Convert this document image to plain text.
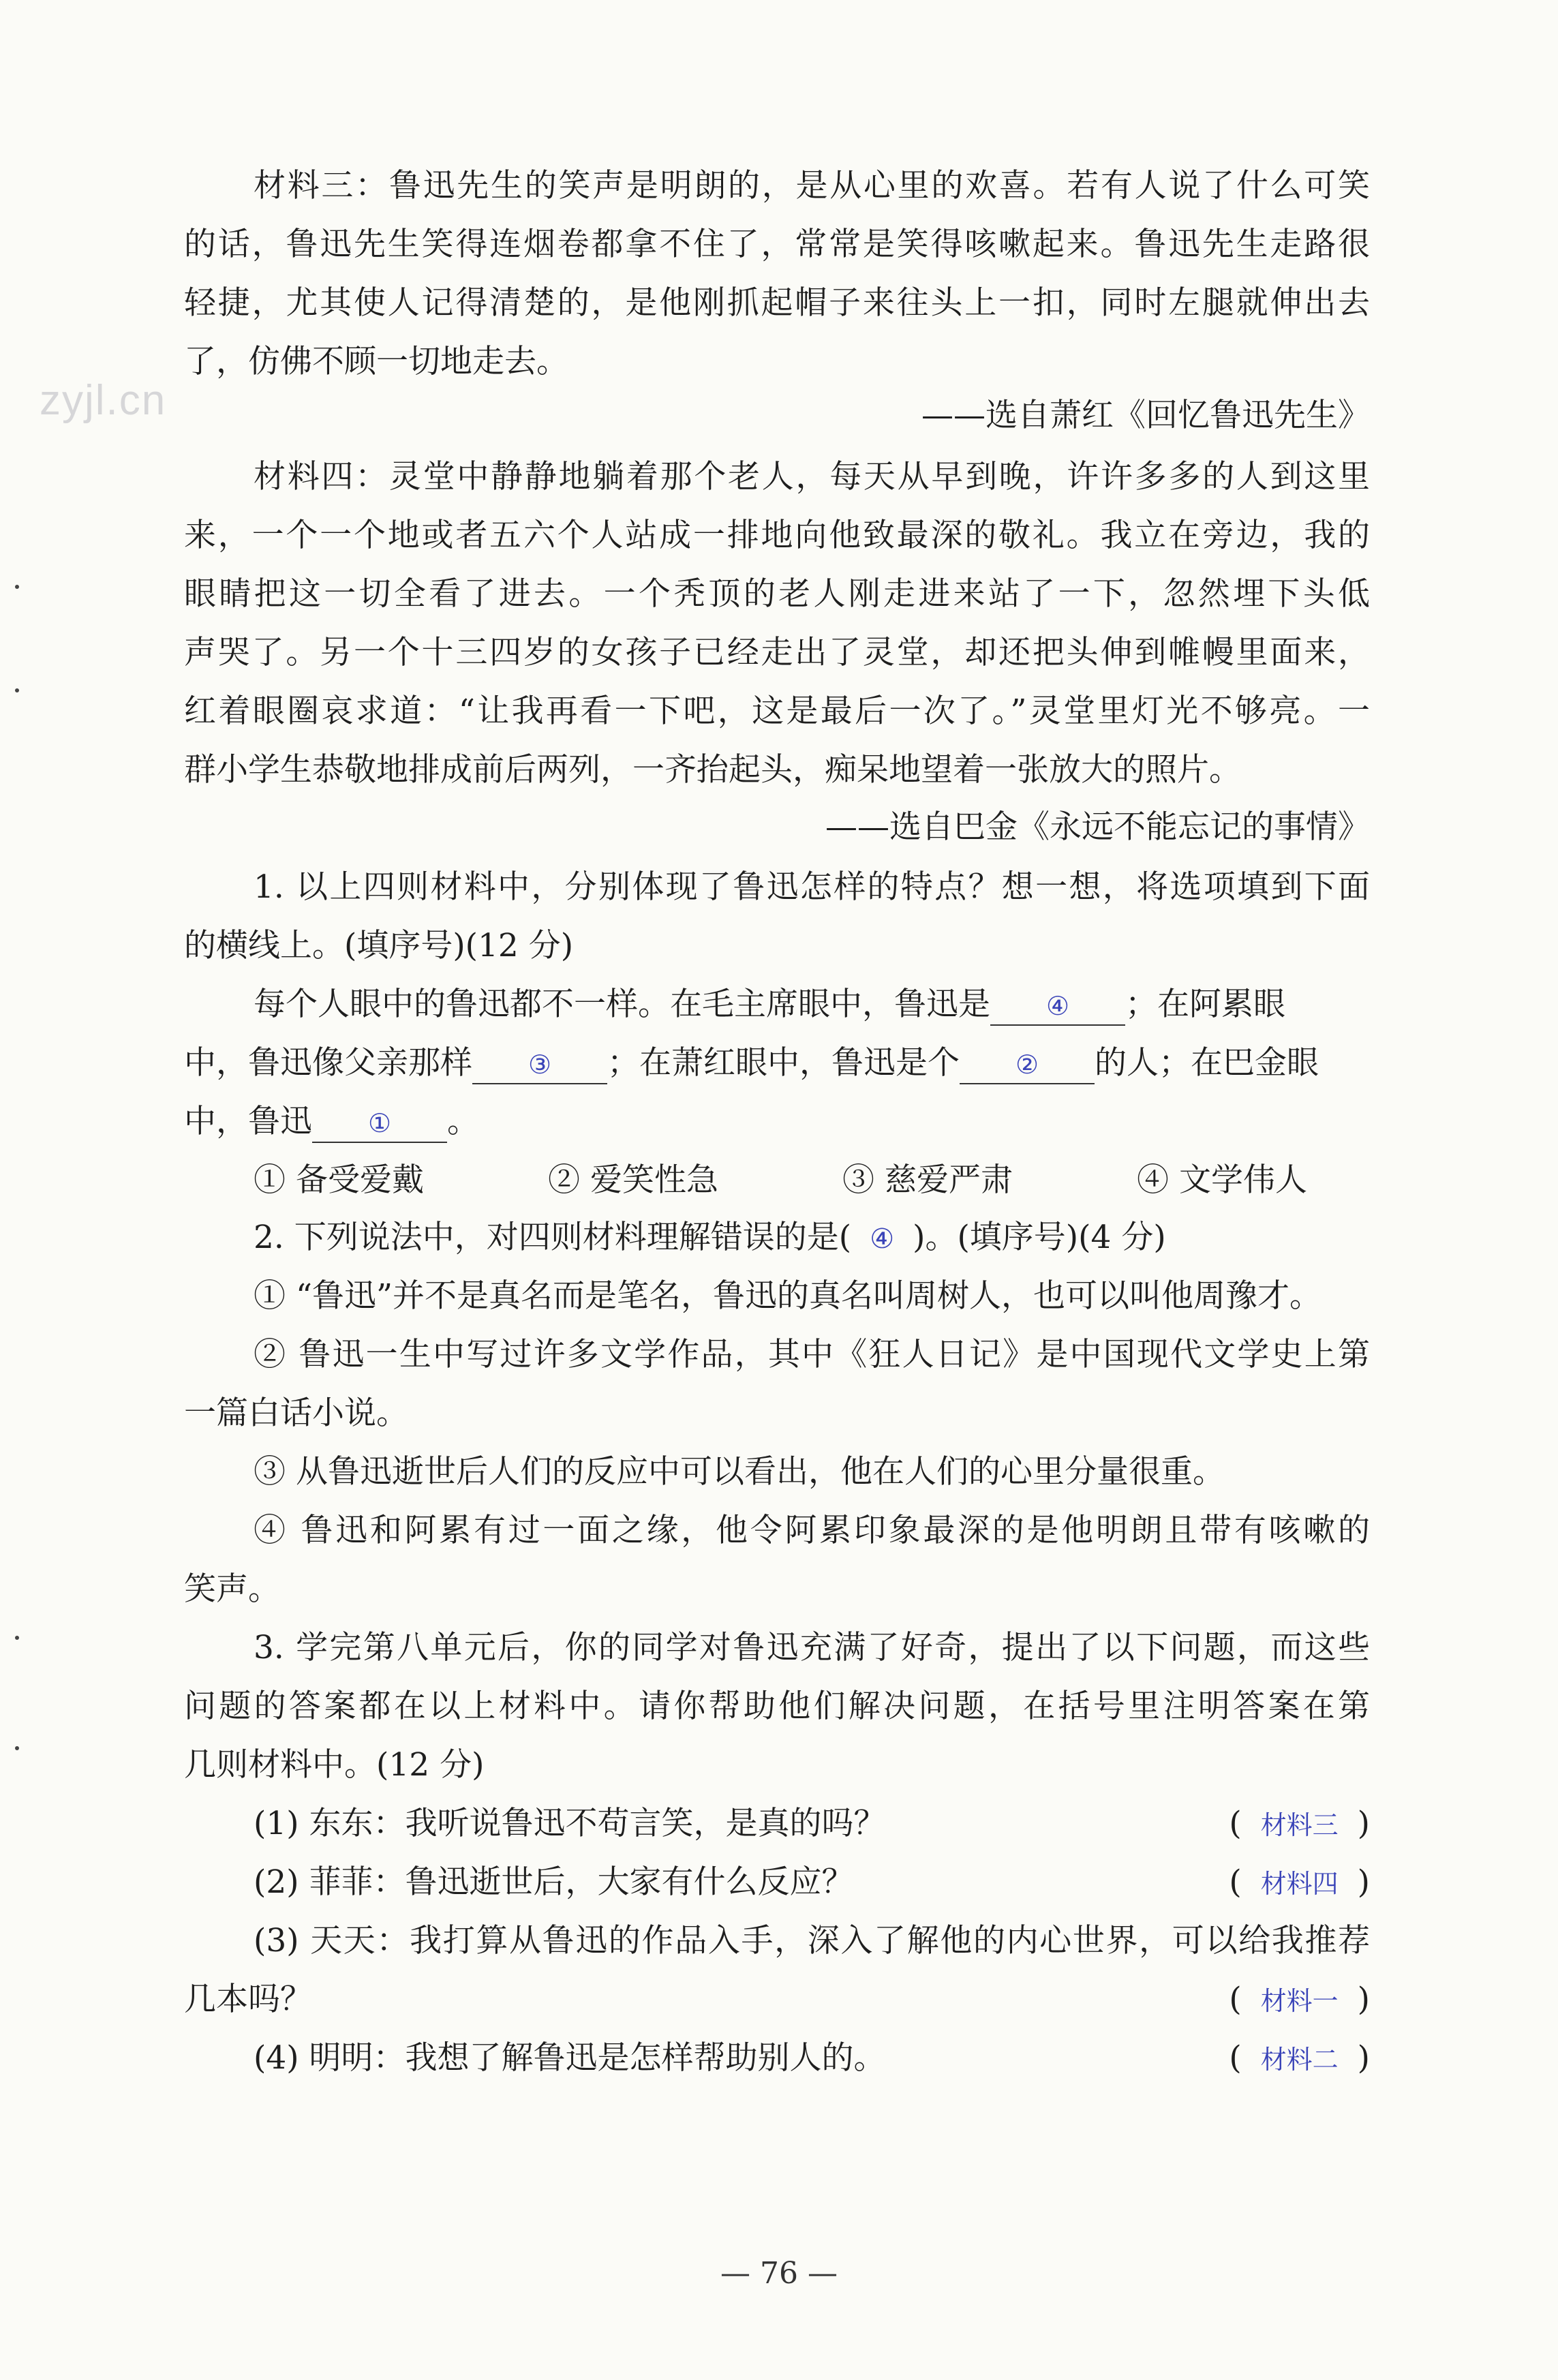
zyjl.cn
材料三：鲁迅先生的笑声是明朗的，是从心里的欢喜。若有人说了什么可笑
的话，鲁迅先生笑得连烟卷都拿不住了，常常是笑得咳嗽起来。鲁迅先生走路很
轻捷，尤其使人记得清楚的，是他刚抓起帽子来往头上一扣，同时左腿就伸出去
了，仿佛不顾一切地走去。
——选自萧红《回忆鲁迅先生》
材料四：灵堂中静静地躺着那个老人，每天从早到晚，许许多多的人到这里
来，一个一个地或者五六个人站成一排地向他致最深的敬礼。我立在旁边，我的
眼睛把这一切全看了进去。一个秃顶的老人刚走进来站了一下，忽然埋下头低
声哭了。另一个十三四岁的女孩子已经走出了灵堂，却还把头伸到帷幔里面来，
红着眼圈哀求道：“让我再看一下吧，这是最后一次了。”灵堂里灯光不够亮。一
群小学生恭敬地排成前后两列，一齐抬起头，痴呆地望着一张放大的照片。
——选自巴金《永远不能忘记的事情》
1. 以上四则材料中，分别体现了鲁迅怎样的特点？想一想，将选项填到下面
的横线上。(填序号)(12 分)
每个人眼中的鲁迅都不一样。在毛主席眼中，鲁迅是 ④ ；在阿累眼
中，鲁迅像父亲那样 ③ ；在萧红眼中，鲁迅是个 ② 的人；在巴金眼
中，鲁迅 ① 。
① 备受爱戴	② 爱笑性急	③ 慈爱严肃	④ 文学伟人
2. 下列说法中，对四则材料理解错误的是( ④ )。(填序号)(4 分)
① “鲁迅”并不是真名而是笔名，鲁迅的真名叫周树人，也可以叫他周豫才。
② 鲁迅一生中写过许多文学作品，其中《狂人日记》是中国现代文学史上第
一篇白话小说。
③ 从鲁迅逝世后人们的反应中可以看出，他在人们的心里分量很重。
④ 鲁迅和阿累有过一面之缘，他令阿累印象最深的是他明朗且带有咳嗽的
笑声。
3. 学完第八单元后，你的同学对鲁迅充满了好奇，提出了以下问题，而这些
问题的答案都在以上材料中。请你帮助他们解决问题，在括号里注明答案在第
几则材料中。(12 分)
(1) 东东：我听说鲁迅不苟言笑，是真的吗？	( 材料三 )
(2) 菲菲：鲁迅逝世后，大家有什么反应？	( 材料四 )
(3) 天天：我打算从鲁迅的作品入手，深入了解他的内心世界，可以给我推荐
几本吗？	( 材料一 )
(4) 明明：我想了解鲁迅是怎样帮助别人的。	( 材料二 )
— 76 —
